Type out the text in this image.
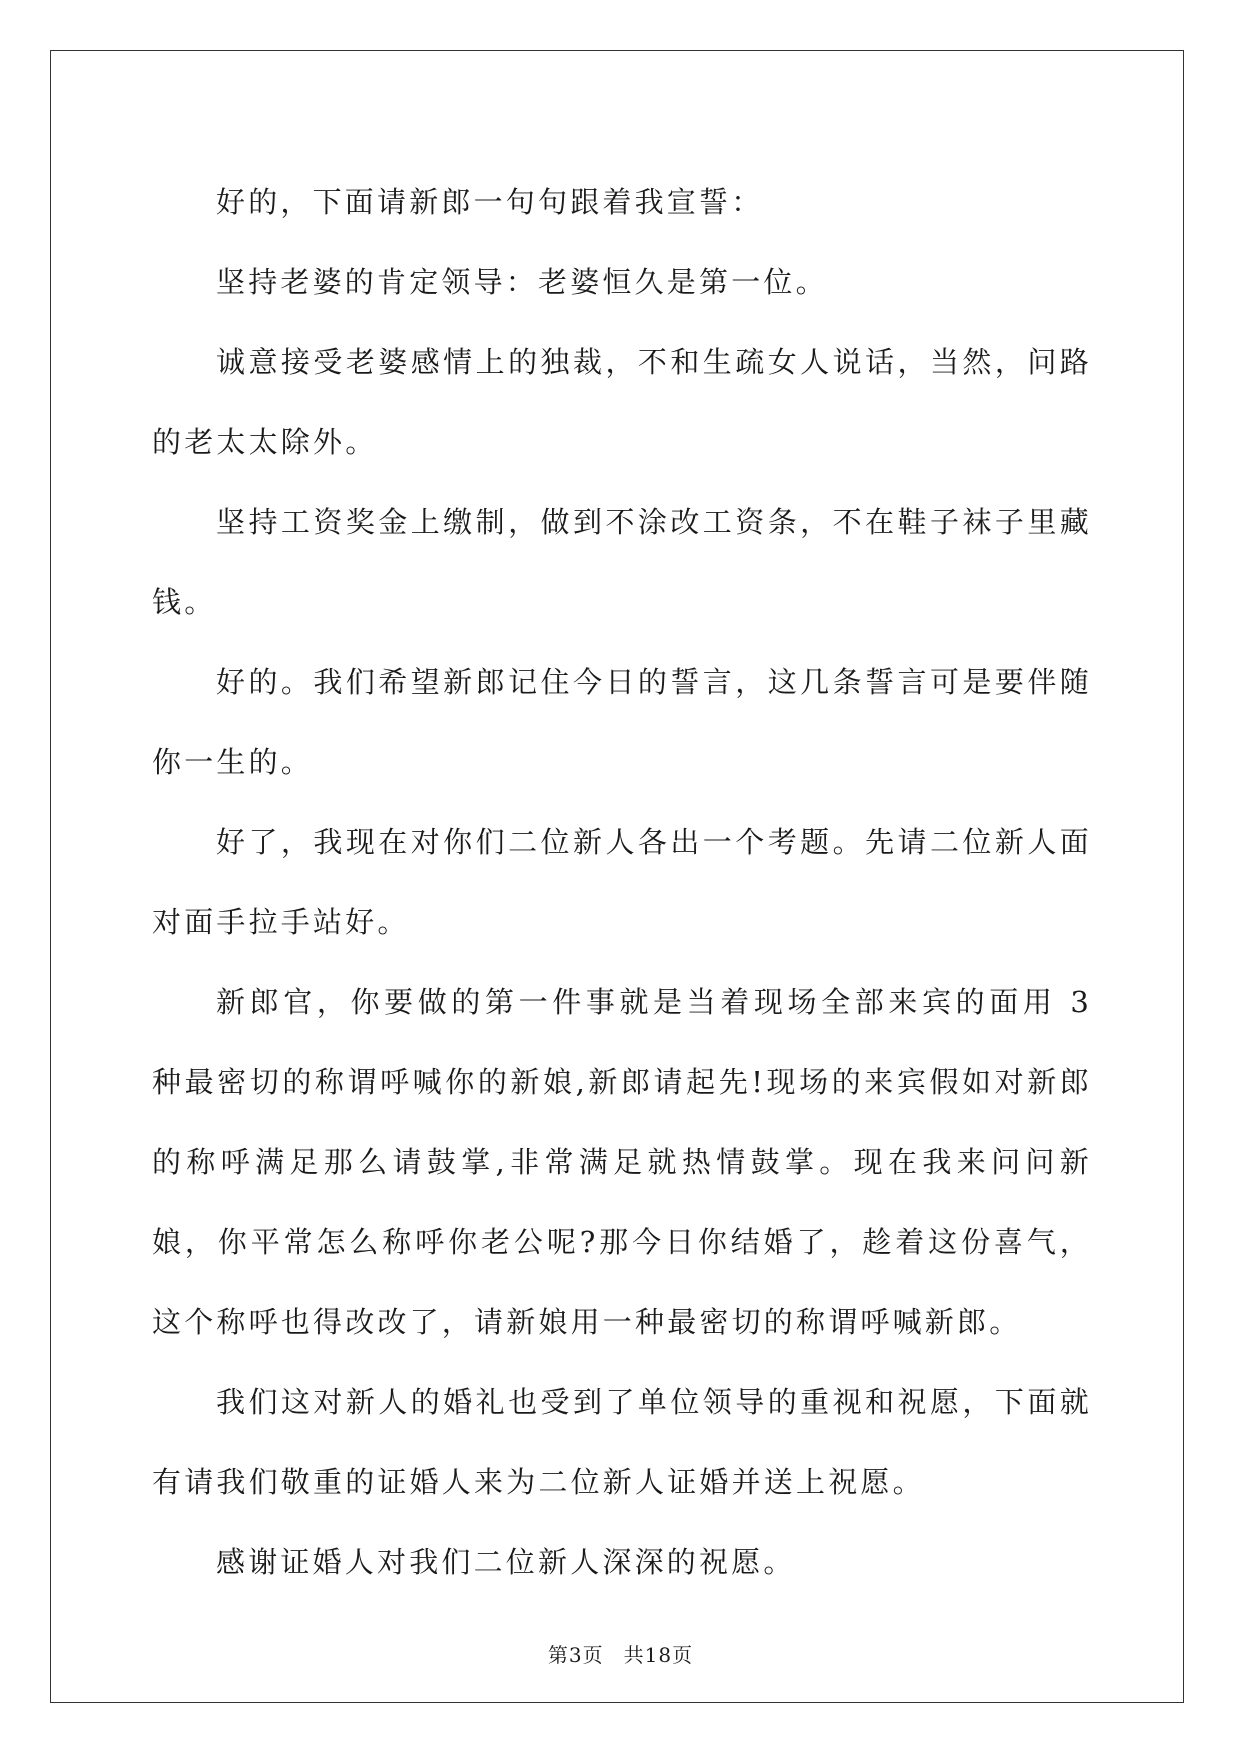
好的，下面请新郎一句句跟着我宣誓：

坚持老婆的肯定领导：老婆恒久是第一位。

诚意接受老婆感情上的独裁，不和生疏女人说话，当然，问路的老太太除外。

坚持工资奖金上缴制，做到不涂改工资条，不在鞋子袜子里藏钱。

好的。我们希望新郎记住今日的誓言，这几条誓言可是要伴随你一生的。

好了，我现在对你们二位新人各出一个考题。先请二位新人面对面手拉手站好。

新郎官，你要做的第一件事就是当着现场全部来宾的面用 3 种最密切的称谓呼喊你的新娘,新郎请起先!现场的来宾假如对新郎的称呼满足那么请鼓掌,非常满足就热情鼓掌。现在我来问问新娘，你平常怎么称呼你老公呢?那今日你结婚了，趁着这份喜气，这个称呼也得改改了，请新娘用一种最密切的称谓呼喊新郎。

我们这对新人的婚礼也受到了单位领导的重视和祝愿，下面就有请我们敬重的证婚人来为二位新人证婚并送上祝愿。

感谢证婚人对我们二位新人深深的祝愿。

第3页 共18页
